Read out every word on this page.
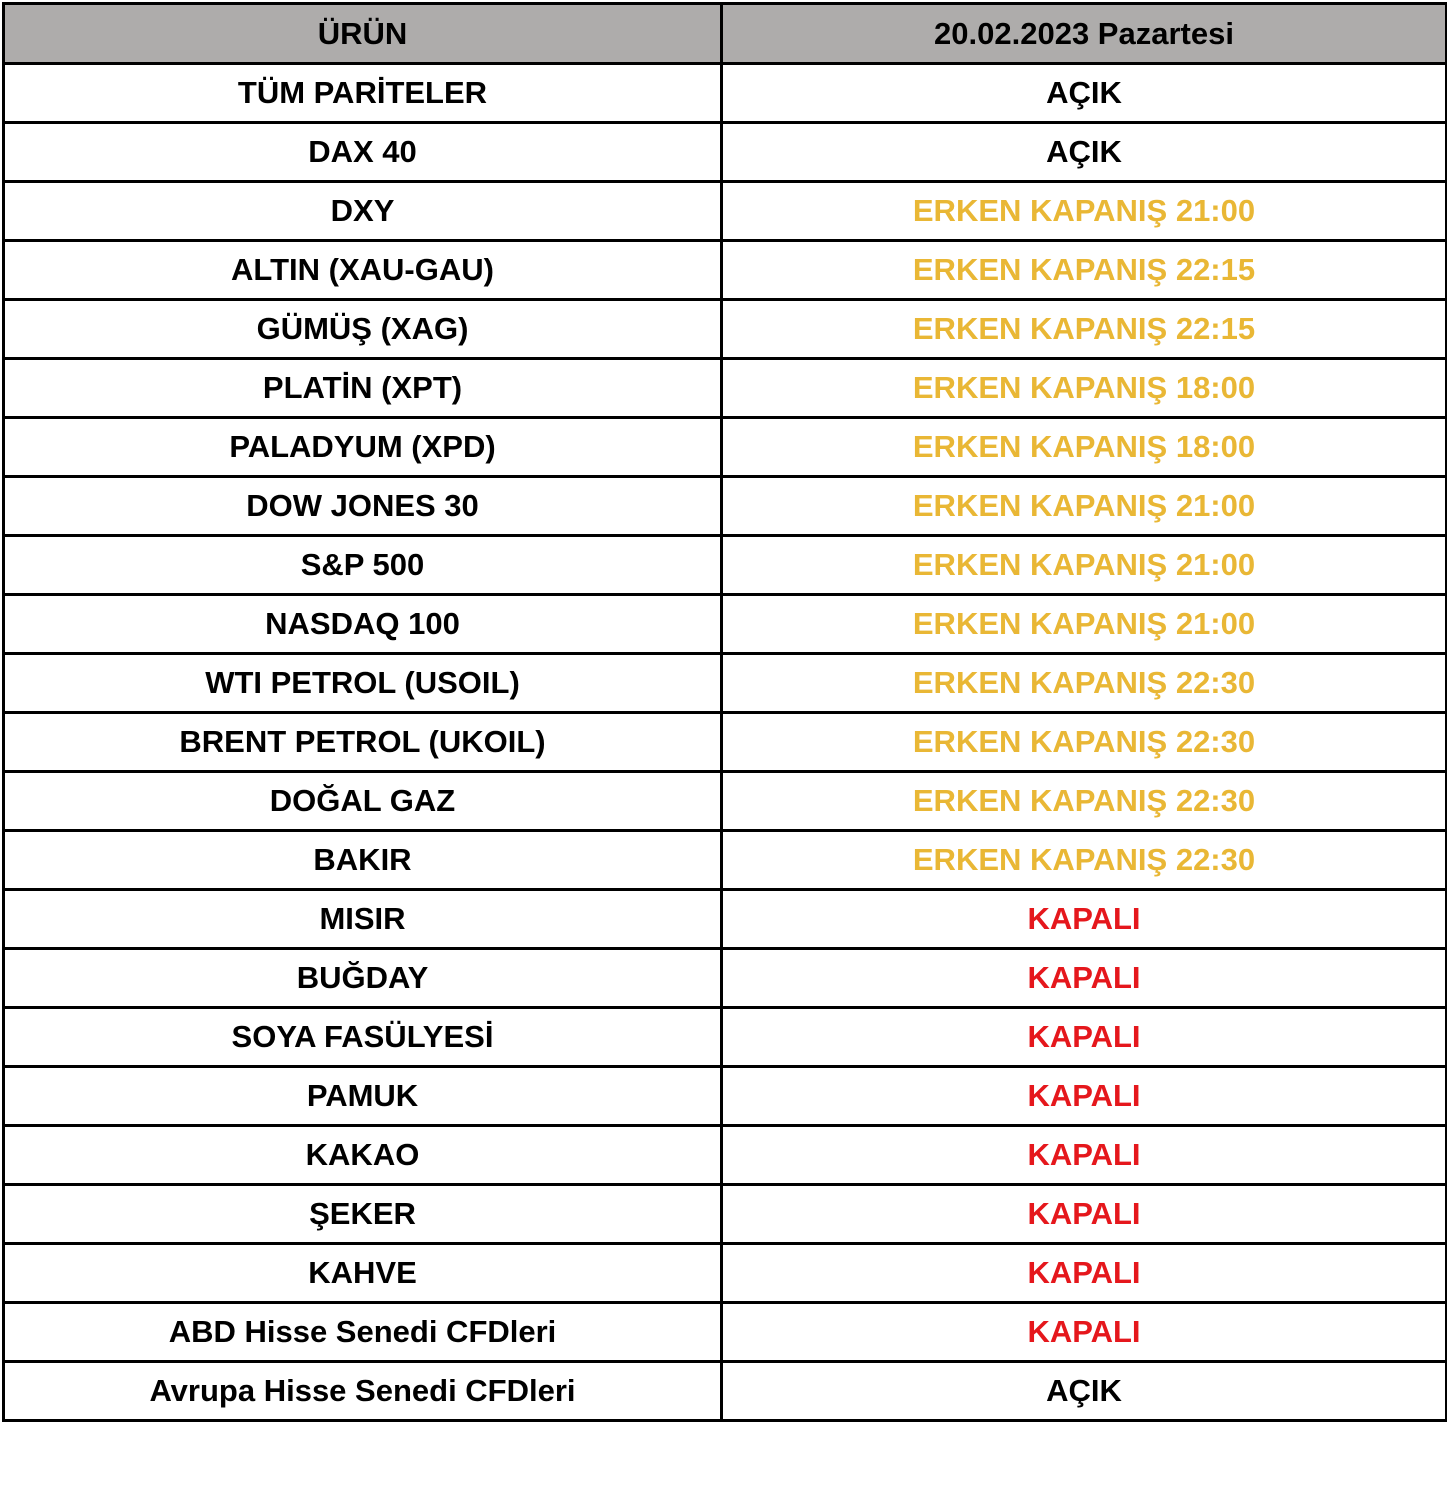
ÜRÜN	20.02.2023 Pazartesi
TÜM PARİTELER	AÇIK
DAX 40	AÇIK
DXY	ERKEN KAPANIŞ 21:00
ALTIN (XAU-GAU)	ERKEN KAPANIŞ 22:15
GÜMÜŞ (XAG)	ERKEN KAPANIŞ 22:15
PLATİN (XPT)	ERKEN KAPANIŞ 18:00
PALADYUM (XPD)	ERKEN KAPANIŞ 18:00
DOW JONES 30	ERKEN KAPANIŞ 21:00
S&P 500	ERKEN KAPANIŞ 21:00
NASDAQ 100	ERKEN KAPANIŞ 21:00
WTI PETROL (USOIL)	ERKEN KAPANIŞ 22:30
BRENT PETROL (UKOIL)	ERKEN KAPANIŞ 22:30
DOĞAL GAZ	ERKEN KAPANIŞ 22:30
BAKIR	ERKEN KAPANIŞ 22:30
MISIR	KAPALI
BUĞDAY	KAPALI
SOYA FASÜLYESİ	KAPALI
PAMUK	KAPALI
KAKAO	KAPALI
ŞEKER	KAPALI
KAHVE	KAPALI
ABD Hisse Senedi CFDleri	KAPALI
Avrupa Hisse Senedi CFDleri	AÇIK
